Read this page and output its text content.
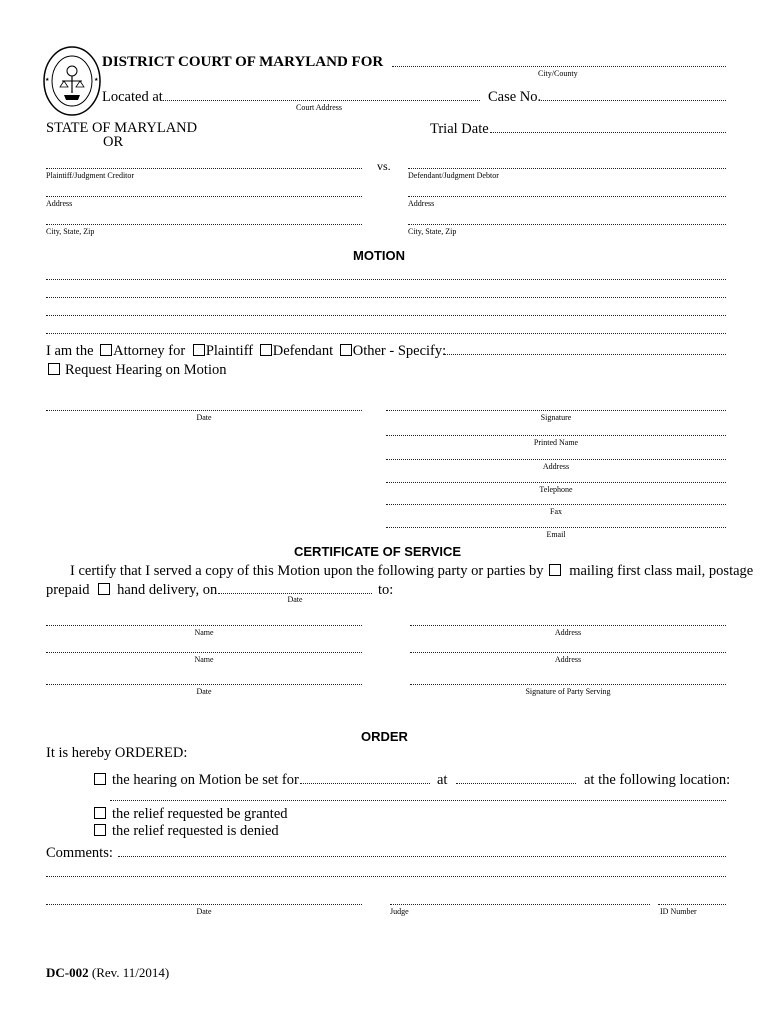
★	★
DISTRICT COURT OF MARYLAND FOR
City/County
Located at
Court Address
Case No.
STATE OF MARYLAND
OR
Trial Date
Plaintiff/Judgment Creditor
vs.
Defendant/Judgment Debtor
Address	Address
City, State, Zip	City, State, Zip
MOTION
I am the Attorney for Plaintiff Defendant Other - Specify:
Request Hearing on Motion
Date	Signature
Printed Name
Address
Telephone
Fax
Email
CERTIFICATE OF SERVICE
I certify that I served a copy of this Motion upon the following party or parties by mailing first class mail, postage
prepaid hand delivery, on
Date
to:
Name	Address
Name	Address
Date	Signature of Party Serving
ORDER
It is hereby ORDERED:
the hearing on Motion be set for	at	at the following location:
the relief requested be granted
the relief requested is denied
Comments:
Date	Judge	ID Number
DC-002 (Rev. 11/2014)
